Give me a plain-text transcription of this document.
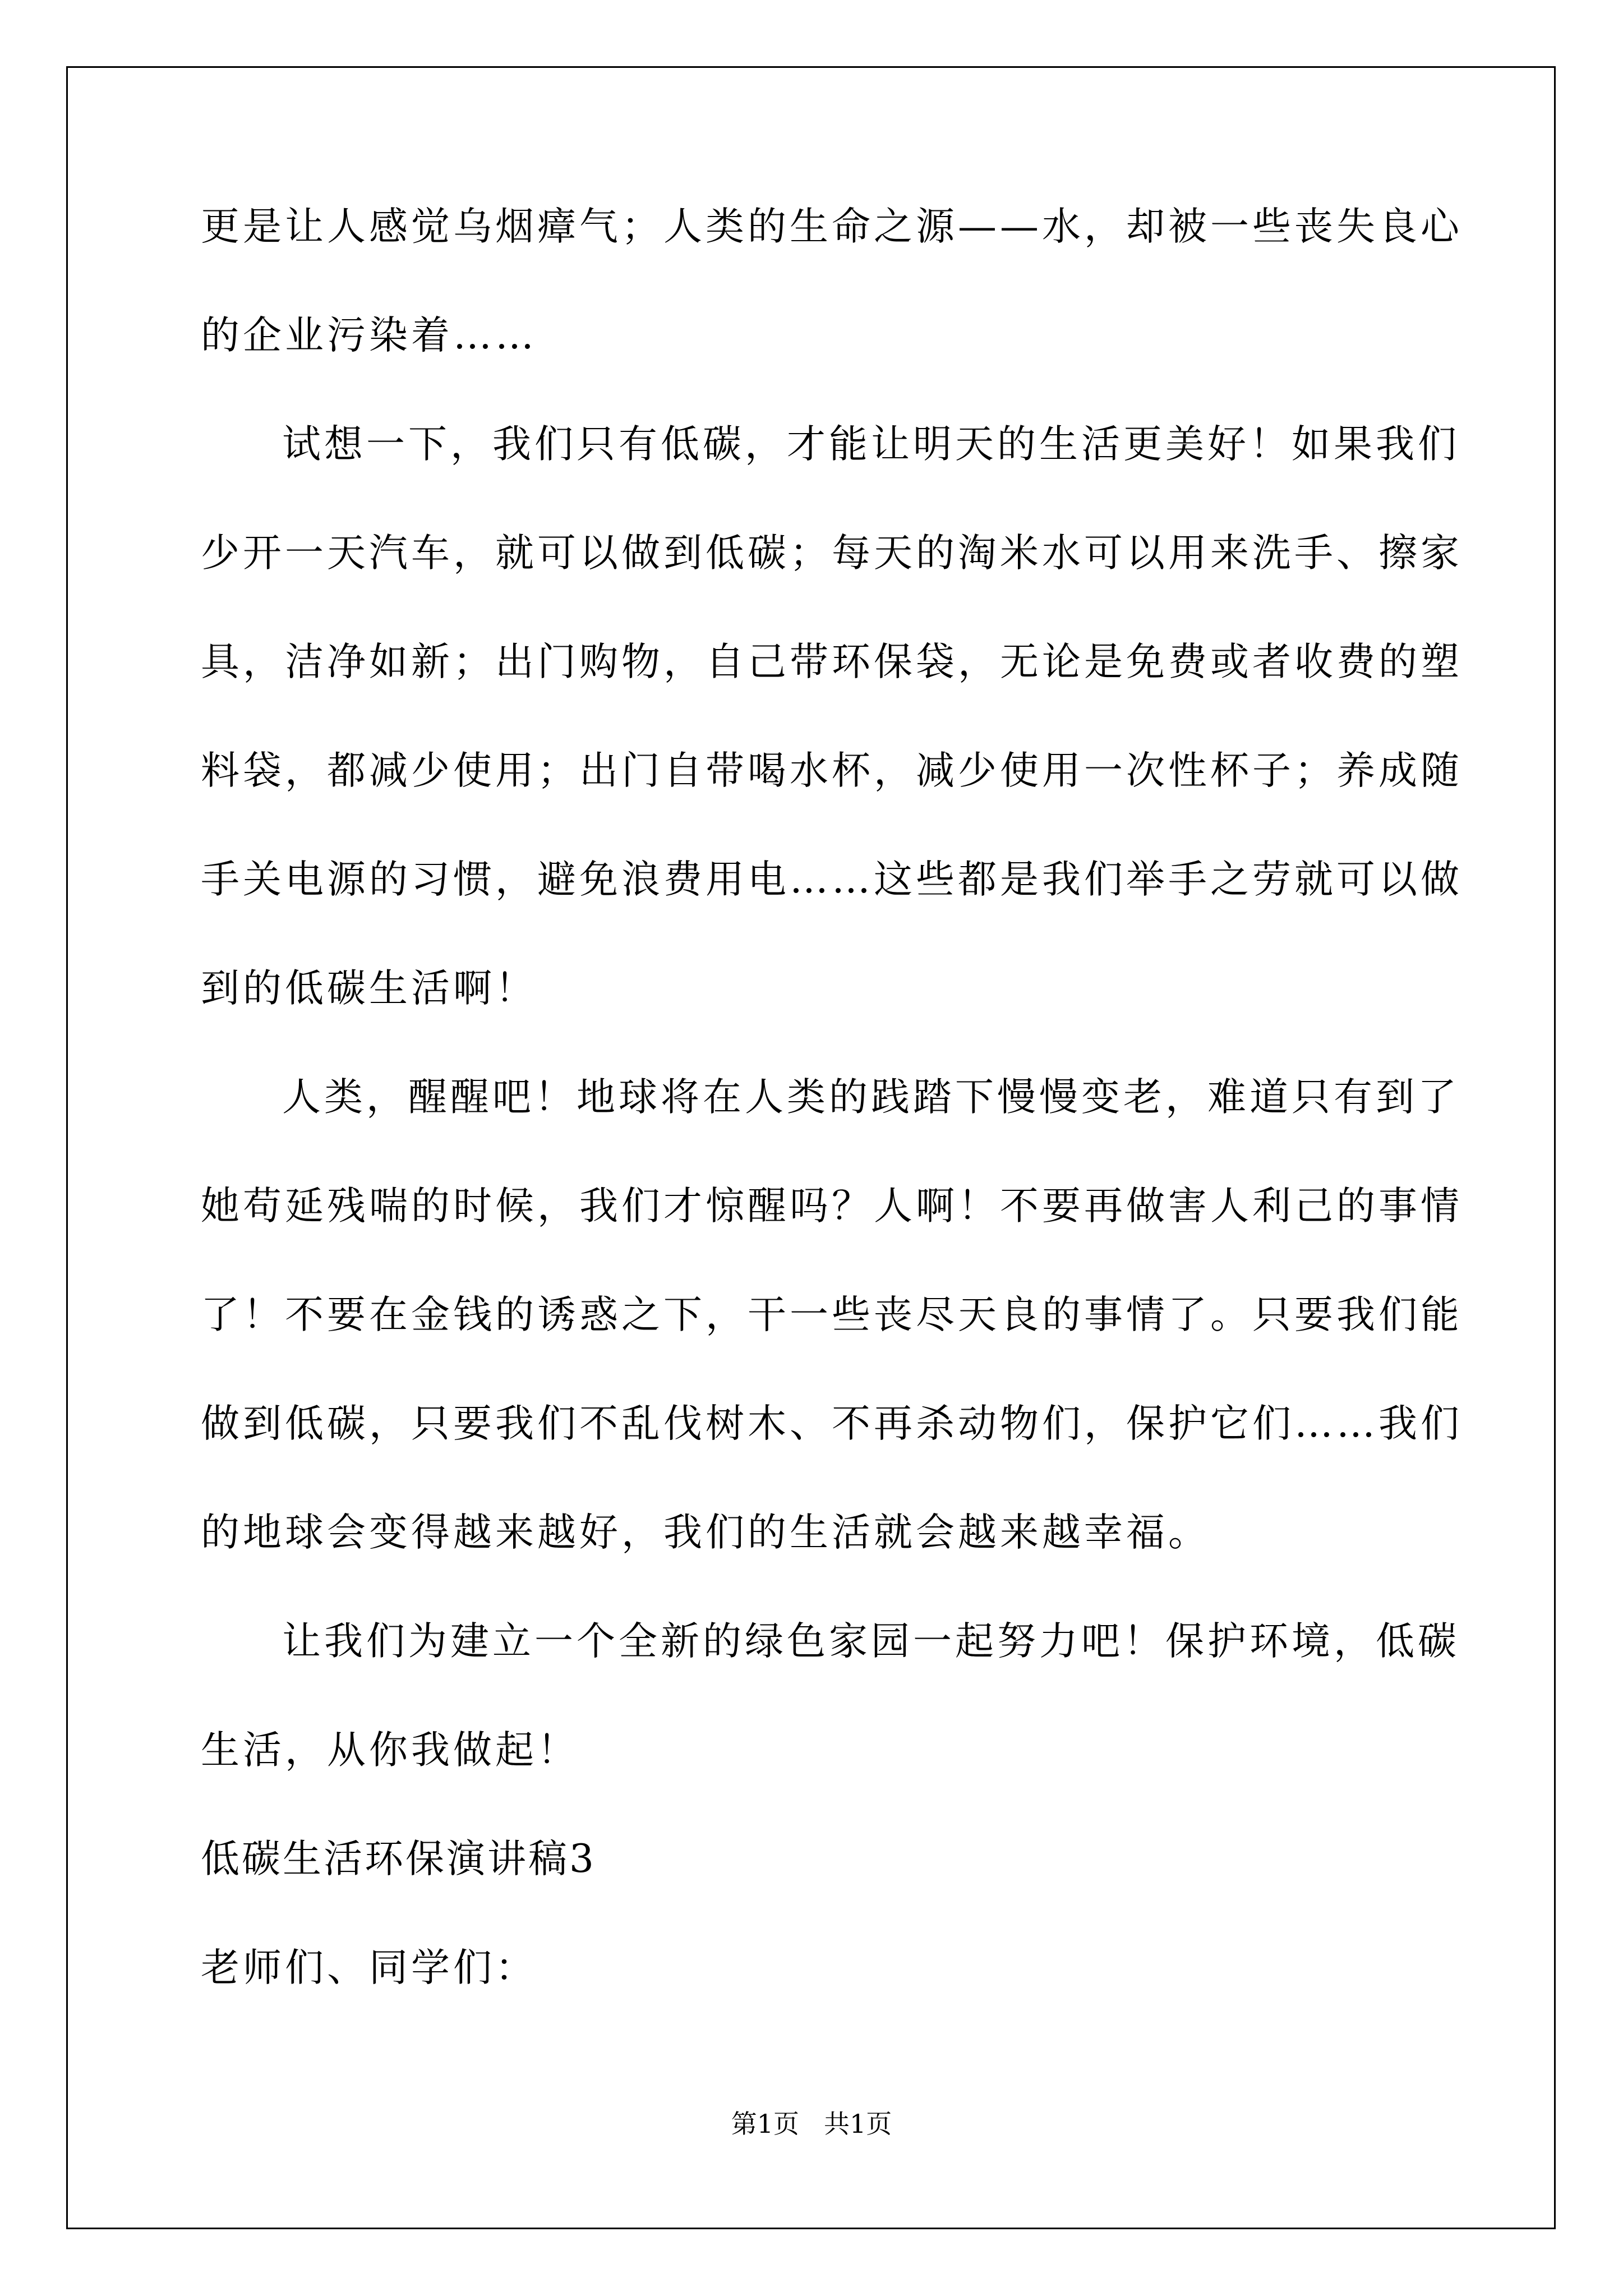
更是让人感觉乌烟瘴气；人类的生命之源——水，却被一些丧失良心
的企业污染着……
试想一下，我们只有低碳，才能让明天的生活更美好！如果我们
少开一天汽车，就可以做到低碳；每天的淘米水可以用来洗手、擦家
具，洁净如新；出门购物，自己带环保袋，无论是免费或者收费的塑
料袋，都减少使用；出门自带喝水杯，减少使用一次性杯子；养成随
手关电源的习惯，避免浪费用电……这些都是我们举手之劳就可以做
到的低碳生活啊！
人类，醒醒吧！地球将在人类的践踏下慢慢变老，难道只有到了
她苟延残喘的时候，我们才惊醒吗？人啊！不要再做害人利己的事情
了！不要在金钱的诱惑之下，干一些丧尽天良的事情了。只要我们能
做到低碳，只要我们不乱伐树木、不再杀动物们，保护它们……我们
的地球会变得越来越好，我们的生活就会越来越幸福。
让我们为建立一个全新的绿色家园一起努力吧！保护环境，低碳
生活，从你我做起！
低碳生活环保演讲稿3
老师们、同学们：
第1页 共1页
